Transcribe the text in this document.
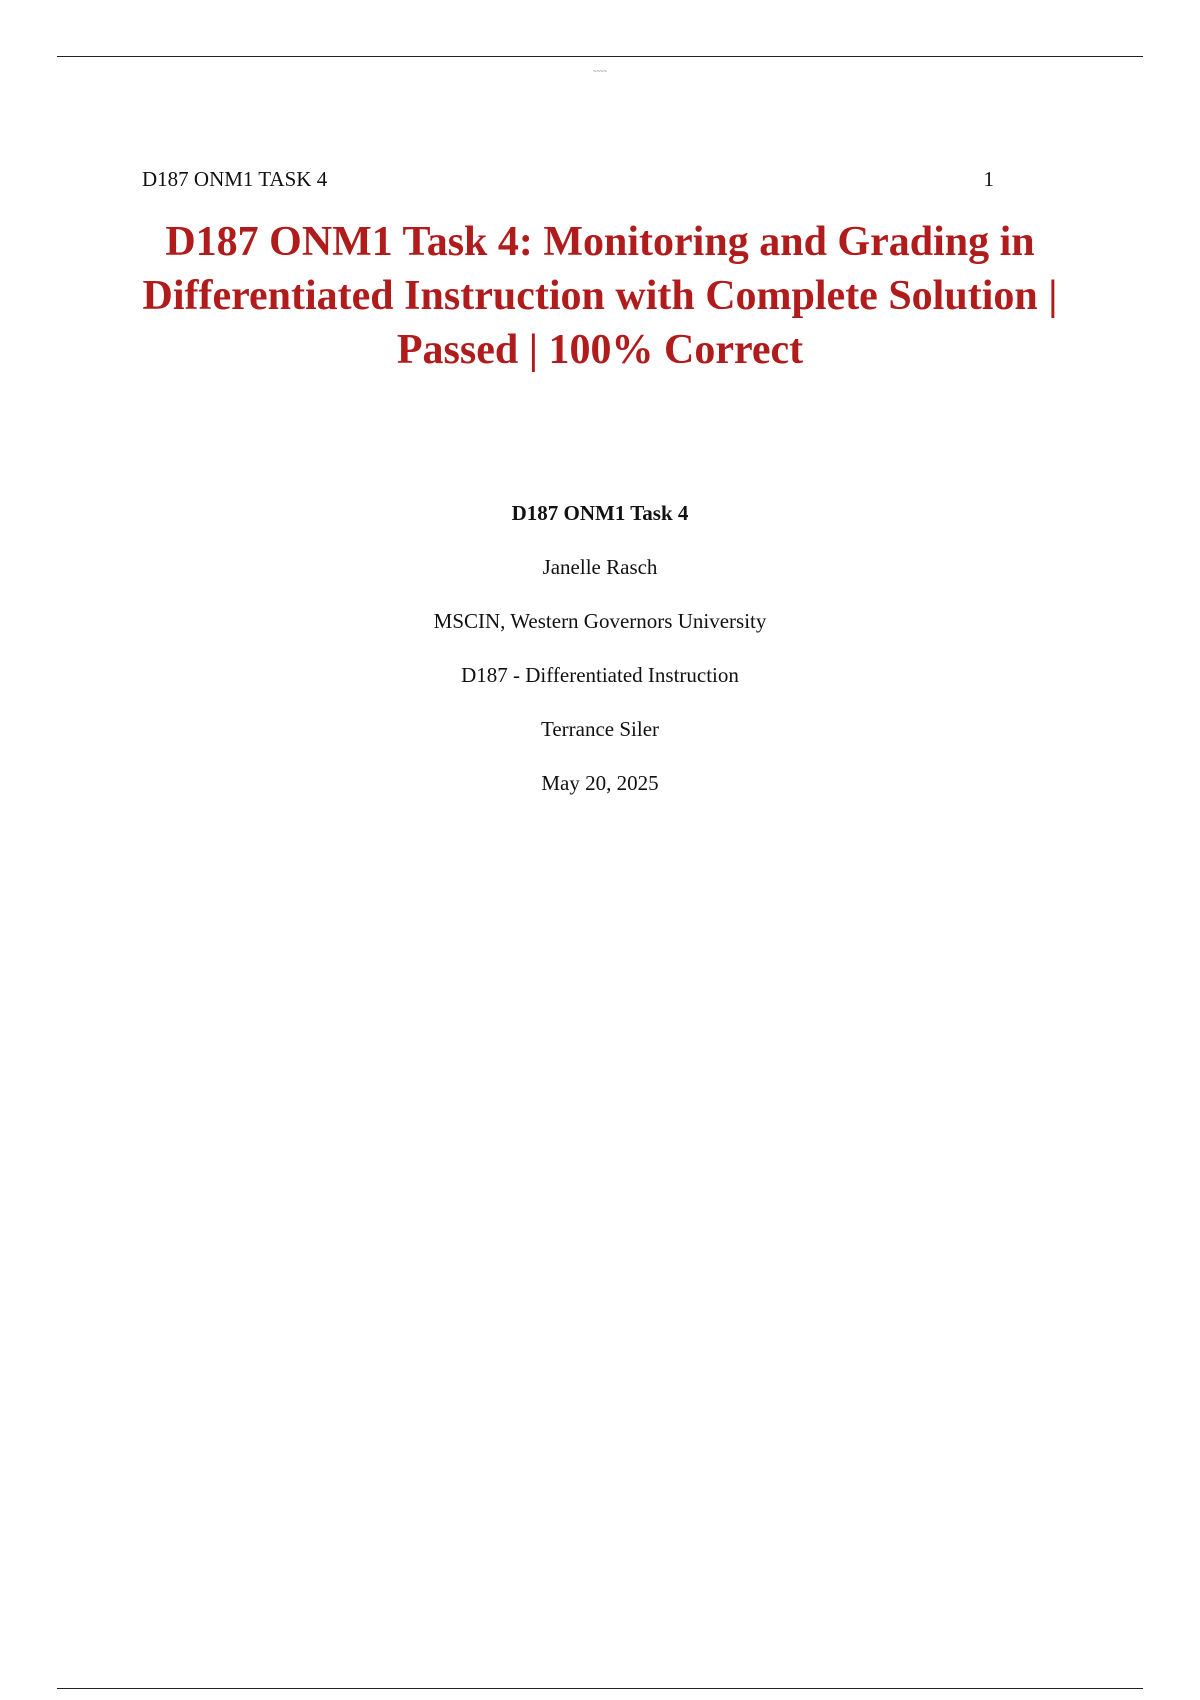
~~~~
D187 ONM1 TASK 4	1
D187 ONM1 Task 4: Monitoring and Grading in Differentiated Instruction with Complete Solution | Passed | 100% Correct
D187 ONM1 Task 4
Janelle Rasch
MSCIN, Western Governors University
D187 - Differentiated Instruction
Terrance Siler
May 20, 2025
